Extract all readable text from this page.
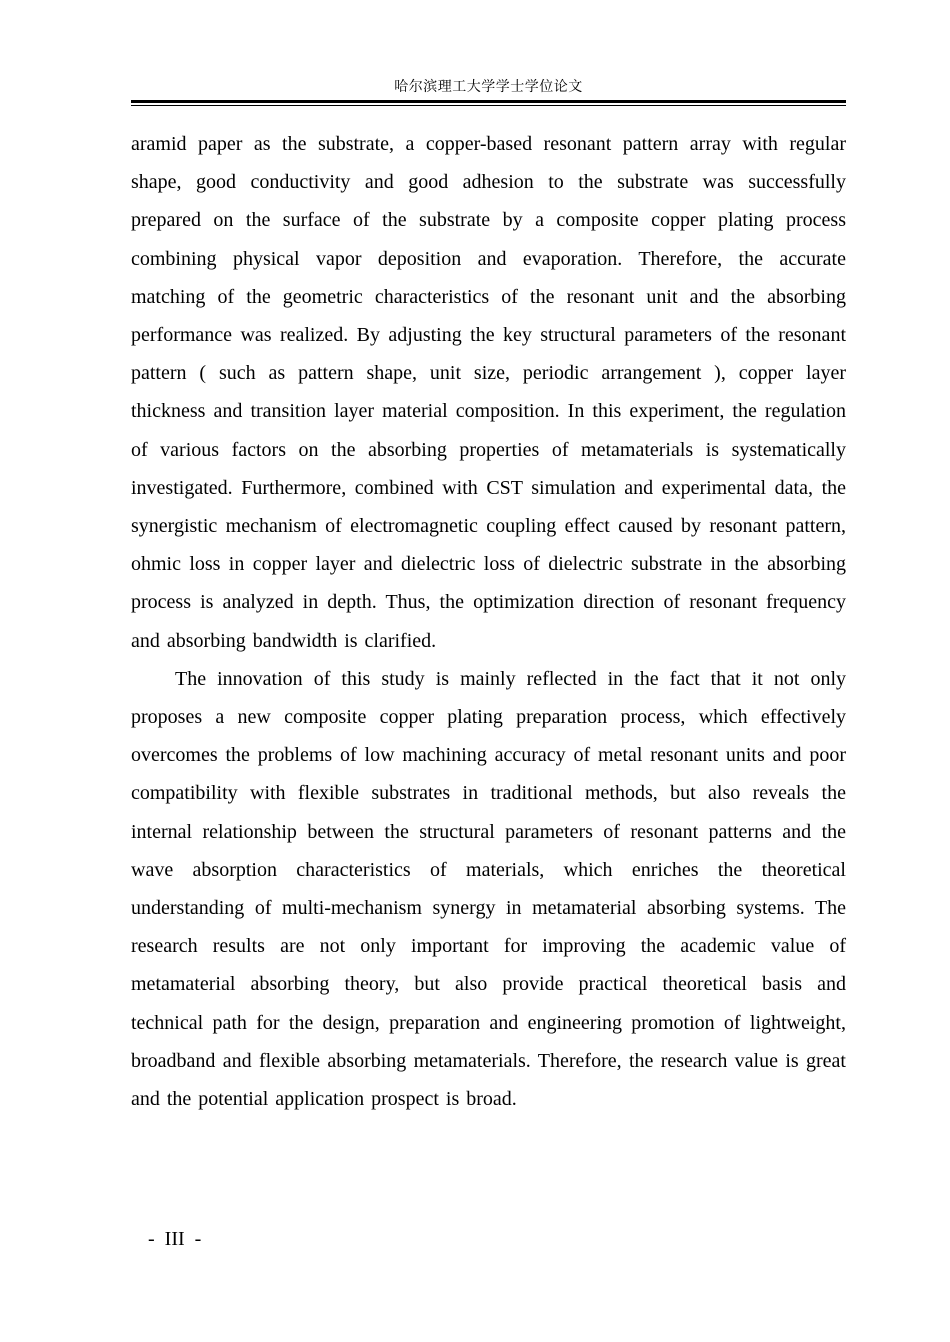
哈尔滨理工大学学士学位论文

aramid paper as the substrate, a copper-based resonant pattern array with regular shape, good conductivity and good adhesion to the substrate was successfully prepared on the surface of the substrate by a composite copper plating process combining physical vapor deposition and evaporation. Therefore, the accurate matching of the geometric characteristics of the resonant unit and the absorbing performance was realized. By adjusting the key structural parameters of the resonant pattern ( such as pattern shape, unit size, periodic arrangement ), copper layer thickness and transition layer material composition. In this experiment, the regulation of various factors on the absorbing properties of metamaterials is systematically investigated. Furthermore, combined with CST simulation and experimental data, the synergistic mechanism of electromagnetic coupling effect caused by resonant pattern, ohmic loss in copper layer and dielectric loss of dielectric substrate in the absorbing process is analyzed in depth. Thus, the optimization direction of resonant frequency and absorbing bandwidth is clarified.

The innovation of this study is mainly reflected in the fact that it not only proposes a new composite copper plating preparation process, which effectively overcomes the problems of low machining accuracy of metal resonant units and poor compatibility with flexible substrates in traditional methods, but also reveals the internal relationship between the structural parameters of resonant patterns and the wave absorption characteristics of materials, which enriches the theoretical understanding of multi-mechanism synergy in metamaterial absorbing systems. The research results are not only important for improving the academic value of metamaterial absorbing theory, but also provide practical theoretical basis and technical path for the design, preparation and engineering promotion of lightweight, broadband and flexible absorbing metamaterials. Therefore, the research value is great and the potential application prospect is broad.

-  III  -
